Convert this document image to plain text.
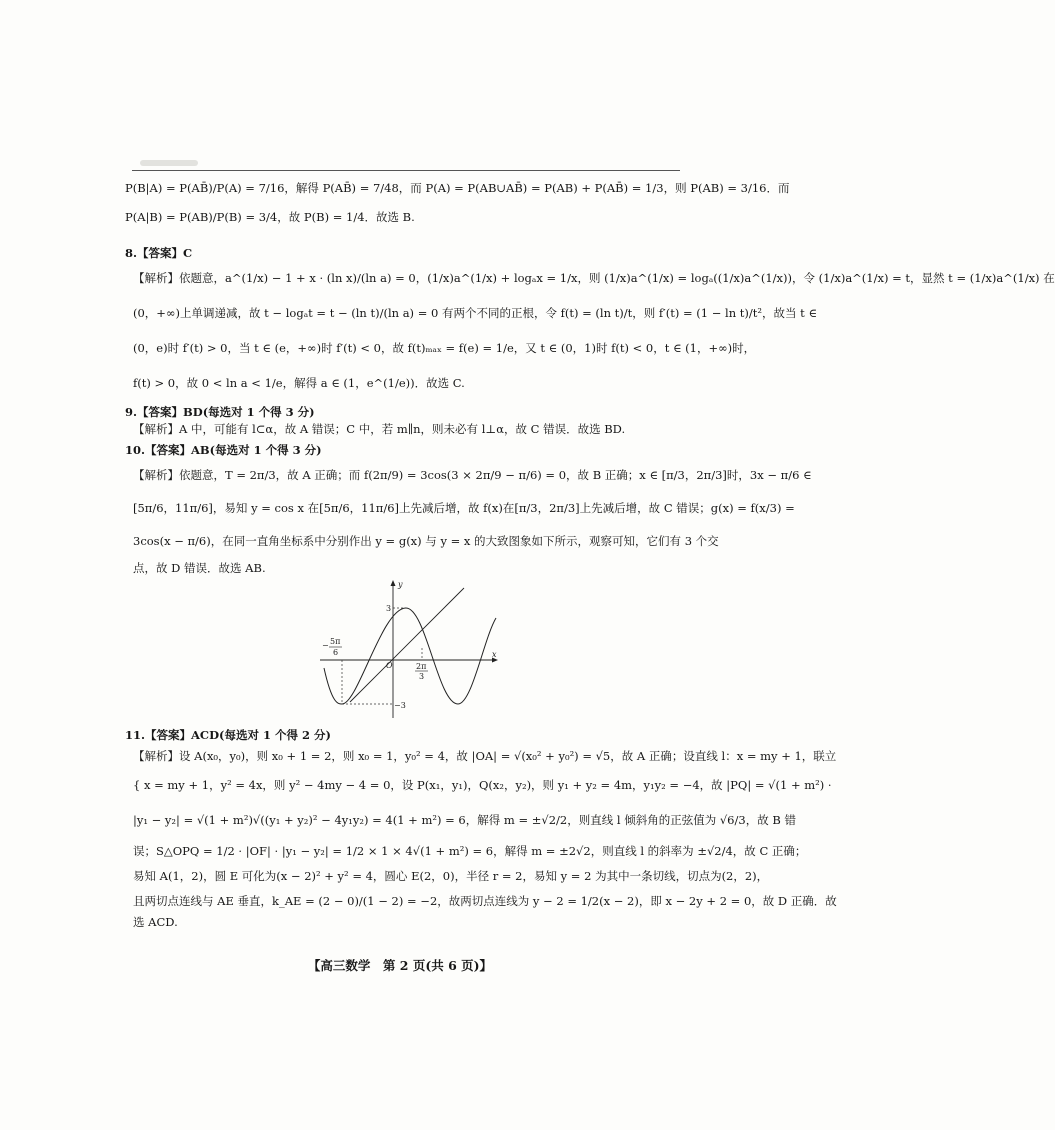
P(B|A) = P(AB̄)/P(A) = 7/16，解得 P(AB̄) = 7/48，而 P(A) = P(AB∪AB̄) = P(AB) + P(AB̄) = 1/3，则 P(AB) = 3/16．而

P(A|B) = P(AB)/P(B) = 3/4，故 P(B) = 1/4．故选 B.

8.【答案】C

【解析】依题意，a^(1/x) − 1 + x · (ln x)/(ln a) = 0，(1/x)a^(1/x) + logₐx = 1/x，则 (1/x)a^(1/x) = logₐ((1/x)a^(1/x))，令 (1/x)a^(1/x) = t，显然 t = (1/x)a^(1/x) 在

(0，+∞)上单调递减，故 t − logₐt = t − (ln t)/(ln a) = 0 有两个不同的正根，令 f(t) = (ln t)/t，则 f′(t) = (1 − ln t)/t²，故当 t ∈

(0，e)时 f′(t) > 0，当 t ∈ (e，+∞)时 f′(t) < 0，故 f(t)ₘₐₓ = f(e) = 1/e，又 t ∈ (0，1)时 f(t) < 0，t ∈ (1，+∞)时，

f(t) > 0，故 0 < ln a < 1/e，解得 a ∈ (1，e^(1/e))．故选 C.

9.【答案】BD(每选对 1 个得 3 分)

【解析】A 中，可能有 l⊂α，故 A 错误；C 中，若 m∥n，则未必有 l⊥α，故 C 错误．故选 BD.

10.【答案】AB(每选对 1 个得 3 分)

【解析】依题意，T = 2π/3，故 A 正确；而 f(2π/9) = 3cos(3 × 2π/9 − π/6) = 0，故 B 正确；x ∈ [π/3，2π/3]时，3x − π/6 ∈

[5π/6，11π/6]，易知 y = cos x 在[5π/6，11π/6]上先减后增，故 f(x)在[π/3，2π/3]上先减后增，故 C 错误；g(x) = f(x/3) =

3cos(x − π/6)，在同一直角坐标系中分别作出 y = g(x) 与 y = x 的大致图象如下所示，观察可知，它们有 3 个交

点，故 D 错误．故选 AB.

y
x
O
3
−3
− 5π
6
2π
3

11.【答案】ACD(每选对 1 个得 2 分)

【解析】设 A(x₀，y₀)，则 x₀ + 1 = 2，则 x₀ = 1，y₀² = 4，故 |OA| = √(x₀² + y₀²) = √5，故 A 正确；设直线 l：x = my + 1，联立

{ x = my + 1，y² = 4x，则 y² − 4my − 4 = 0，设 P(x₁，y₁)，Q(x₂，y₂)，则 y₁ + y₂ = 4m，y₁y₂ = −4，故 |PQ| = √(1 + m²) ·

|y₁ − y₂| = √(1 + m²)√((y₁ + y₂)² − 4y₁y₂) = 4(1 + m²) = 6，解得 m = ±√2/2，则直线 l 倾斜角的正弦值为 √6/3，故 B 错

误；S△OPQ = 1/2 · |OF| · |y₁ − y₂| = 1/2 × 1 × 4√(1 + m²) = 6，解得 m = ±2√2，则直线 l 的斜率为 ±√2/4，故 C 正确；

易知 A(1，2)，圆 E 可化为(x − 2)² + y² = 4，圆心 E(2，0)，半径 r = 2，易知 y = 2 为其中一条切线，切点为(2，2)，

且两切点连线与 AE 垂直，k_AE = (2 − 0)/(1 − 2) = −2，故两切点连线为 y − 2 = 1/2(x − 2)，即 x − 2y + 2 = 0，故 D 正确．故

选 ACD.

【高三数学　第 2 页(共 6 页)】
